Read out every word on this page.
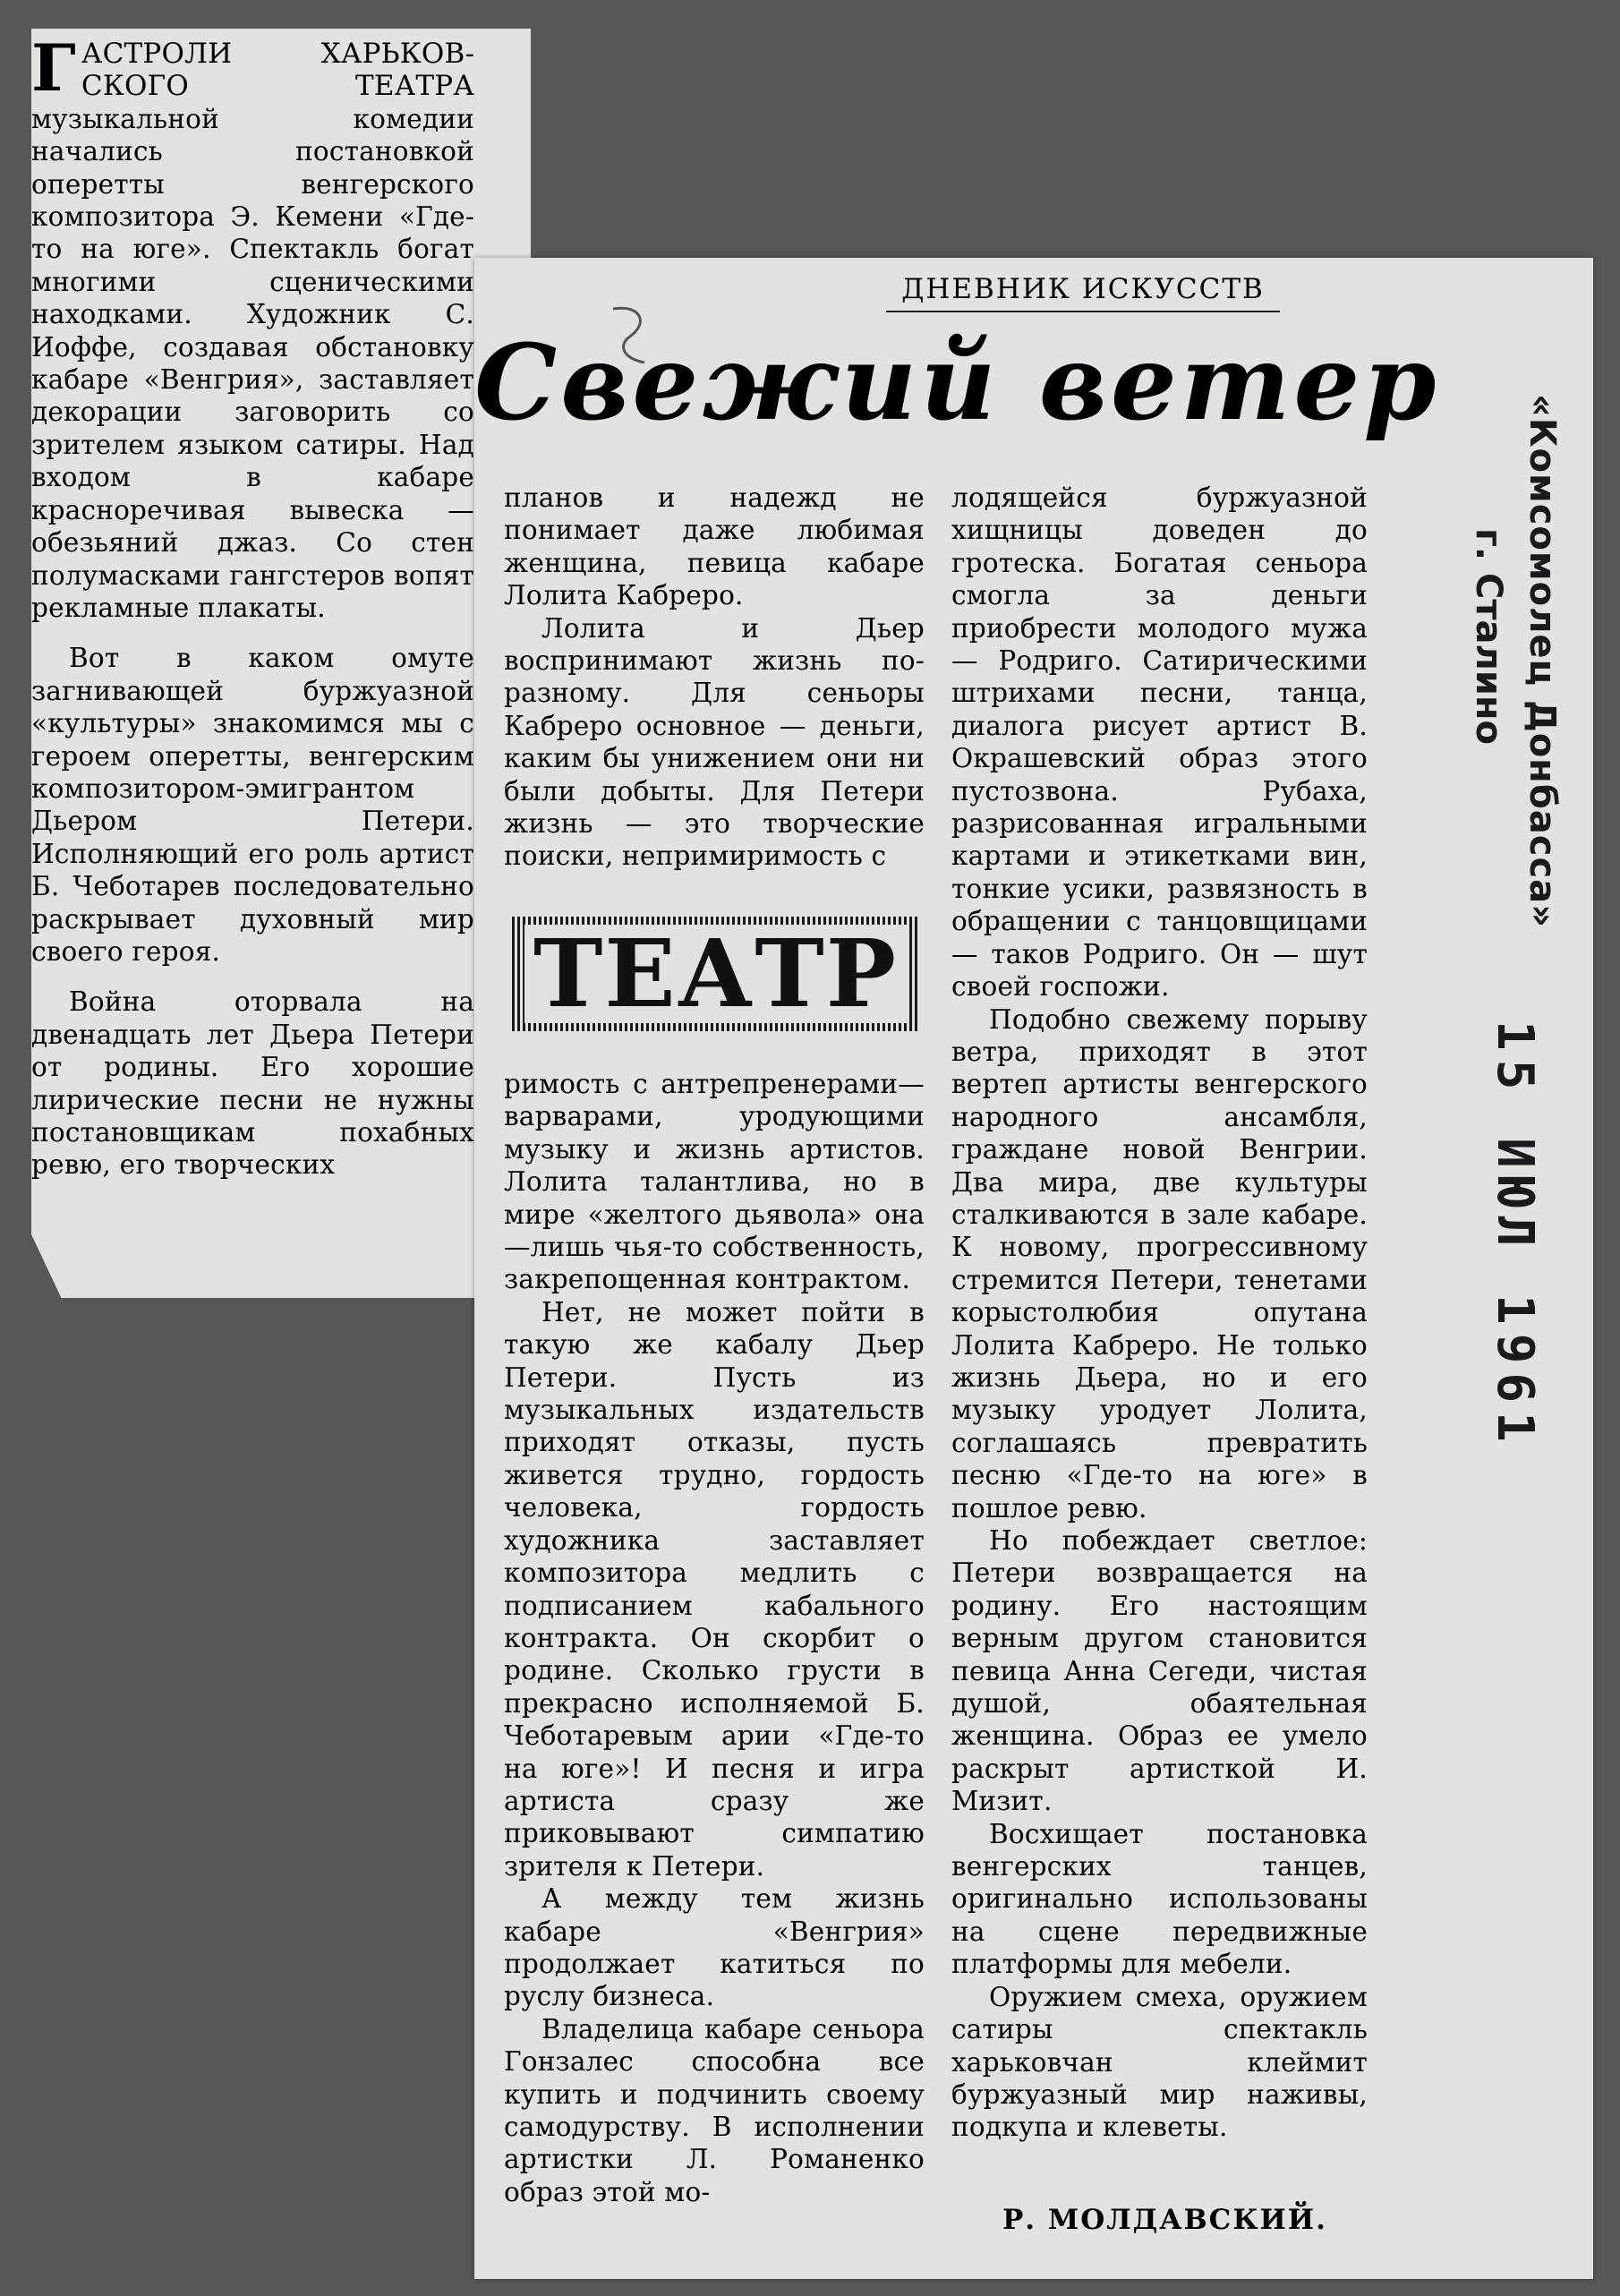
ГАСТРОЛИ ХАРЬКОВСКОГО ТЕАТРА музыкальной комедии начались постановкой оперетты венгерского композитора Э. Кемени «Где-то на юге». Спектакль богат многими сценическими находками. Художник С. Иоффе, создавая обстановку кабаре «Венгрия», заставляет декорации заговорить со зрителем языком сатиры. Над входом в кабаре красноречивая вывеска — обезьяний джаз. Со стен полумасками гангстеров вопят рекламные плакаты.

Вот в каком омуте загнивающей буржуазной «культуры» знакомимся мы с героем оперетты, венгерским композитором-эмигрантом Дьером Петери. Исполняющий его роль артист Б. Чеботарев последовательно раскрывает духовный мир своего героя.

Война оторвала на двенадцать лет Дьера Петери от родины. Его хорошие лирические песни не нужны постановщикам похабных ревю, его творческих

ДНЕВНИК ИСКУССТВ
Свежий ветер

планов и надежд не понимает даже любимая женщина, певица кабаре Лолита Кабреро.

Лолита и Дьер воспринимают жизнь по-разному. Для сеньоры Кабреро основное — деньги, каким бы унижением они ни были добыты. Для Петери жизнь — это творческие поиски, непримиримость с

ТЕАТР

римость с антрепренерами—варварами, уродующими музыку и жизнь артистов. Лолита талантлива, но в мире «желтого дьявола» она—лишь чья-то собственность, закрепощенная контрактом.

Нет, не может пойти в такую же кабалу Дьер Петери. Пусть из музыкальных издательств приходят отказы, пусть живется трудно, гордость человека, гордость художника заставляет композитора медлить с подписанием кабального контракта. Он скорбит о родине. Сколько грусти в прекрасно исполняемой Б. Чеботаревым арии «Где-то на юге»! И песня и игра артиста сразу же приковывают симпатию зрителя к Петери.

А между тем жизнь кабаре «Венгрия» продолжает катиться по руслу бизнеса.

Владелица кабаре сеньора Гонзалес способна все купить и подчинить своему самодурству. В исполнении артистки Л. Романенко образ этой мо-

лодящейся буржуазной хищницы доведен до гротеска. Богатая сеньора смогла за деньги приобрести молодого мужа — Родриго. Сатирическими штрихами песни, танца, диалога рисует артист В. Окрашевский образ этого пустозвона. Рубаха, разрисованная игральными картами и этикетками вин, тонкие усики, развязность в обращении с танцовщицами — таков Родриго. Он — шут своей госпожи.

Подобно свежему порыву ветра, приходят в этот вертеп артисты венгерского народного ансамбля, граждане новой Венгрии. Два мира, две культуры сталкиваются в зале кабаре. К новому, прогрессивному стремится Петери, тенетами корыстолюбия опутана Лолита Кабреро. Не только жизнь Дьера, но и его музыку уродует Лолита, соглашаясь превратить песню «Где-то на юге» в пошлое ревю.

Но побеждает светлое: Петери возвращается на родину. Его настоящим верным другом становится певица Анна Сегеди, чистая душой, обаятельная женщина. Образ ее умело раскрыт артисткой И. Мизит.

Восхищает постановка венгерских танцев, оригинально использованы на сцене передвижные платформы для мебели.

Оружием смеха, оружием сатиры спектакль харьковчан клеймит буржуазный мир наживы, подкупа и клеветы.

Р. МОЛДАВСКИЙ.
«Комсомолец Донбасса»
г. Сталино
15 ИЮЛ 1961
